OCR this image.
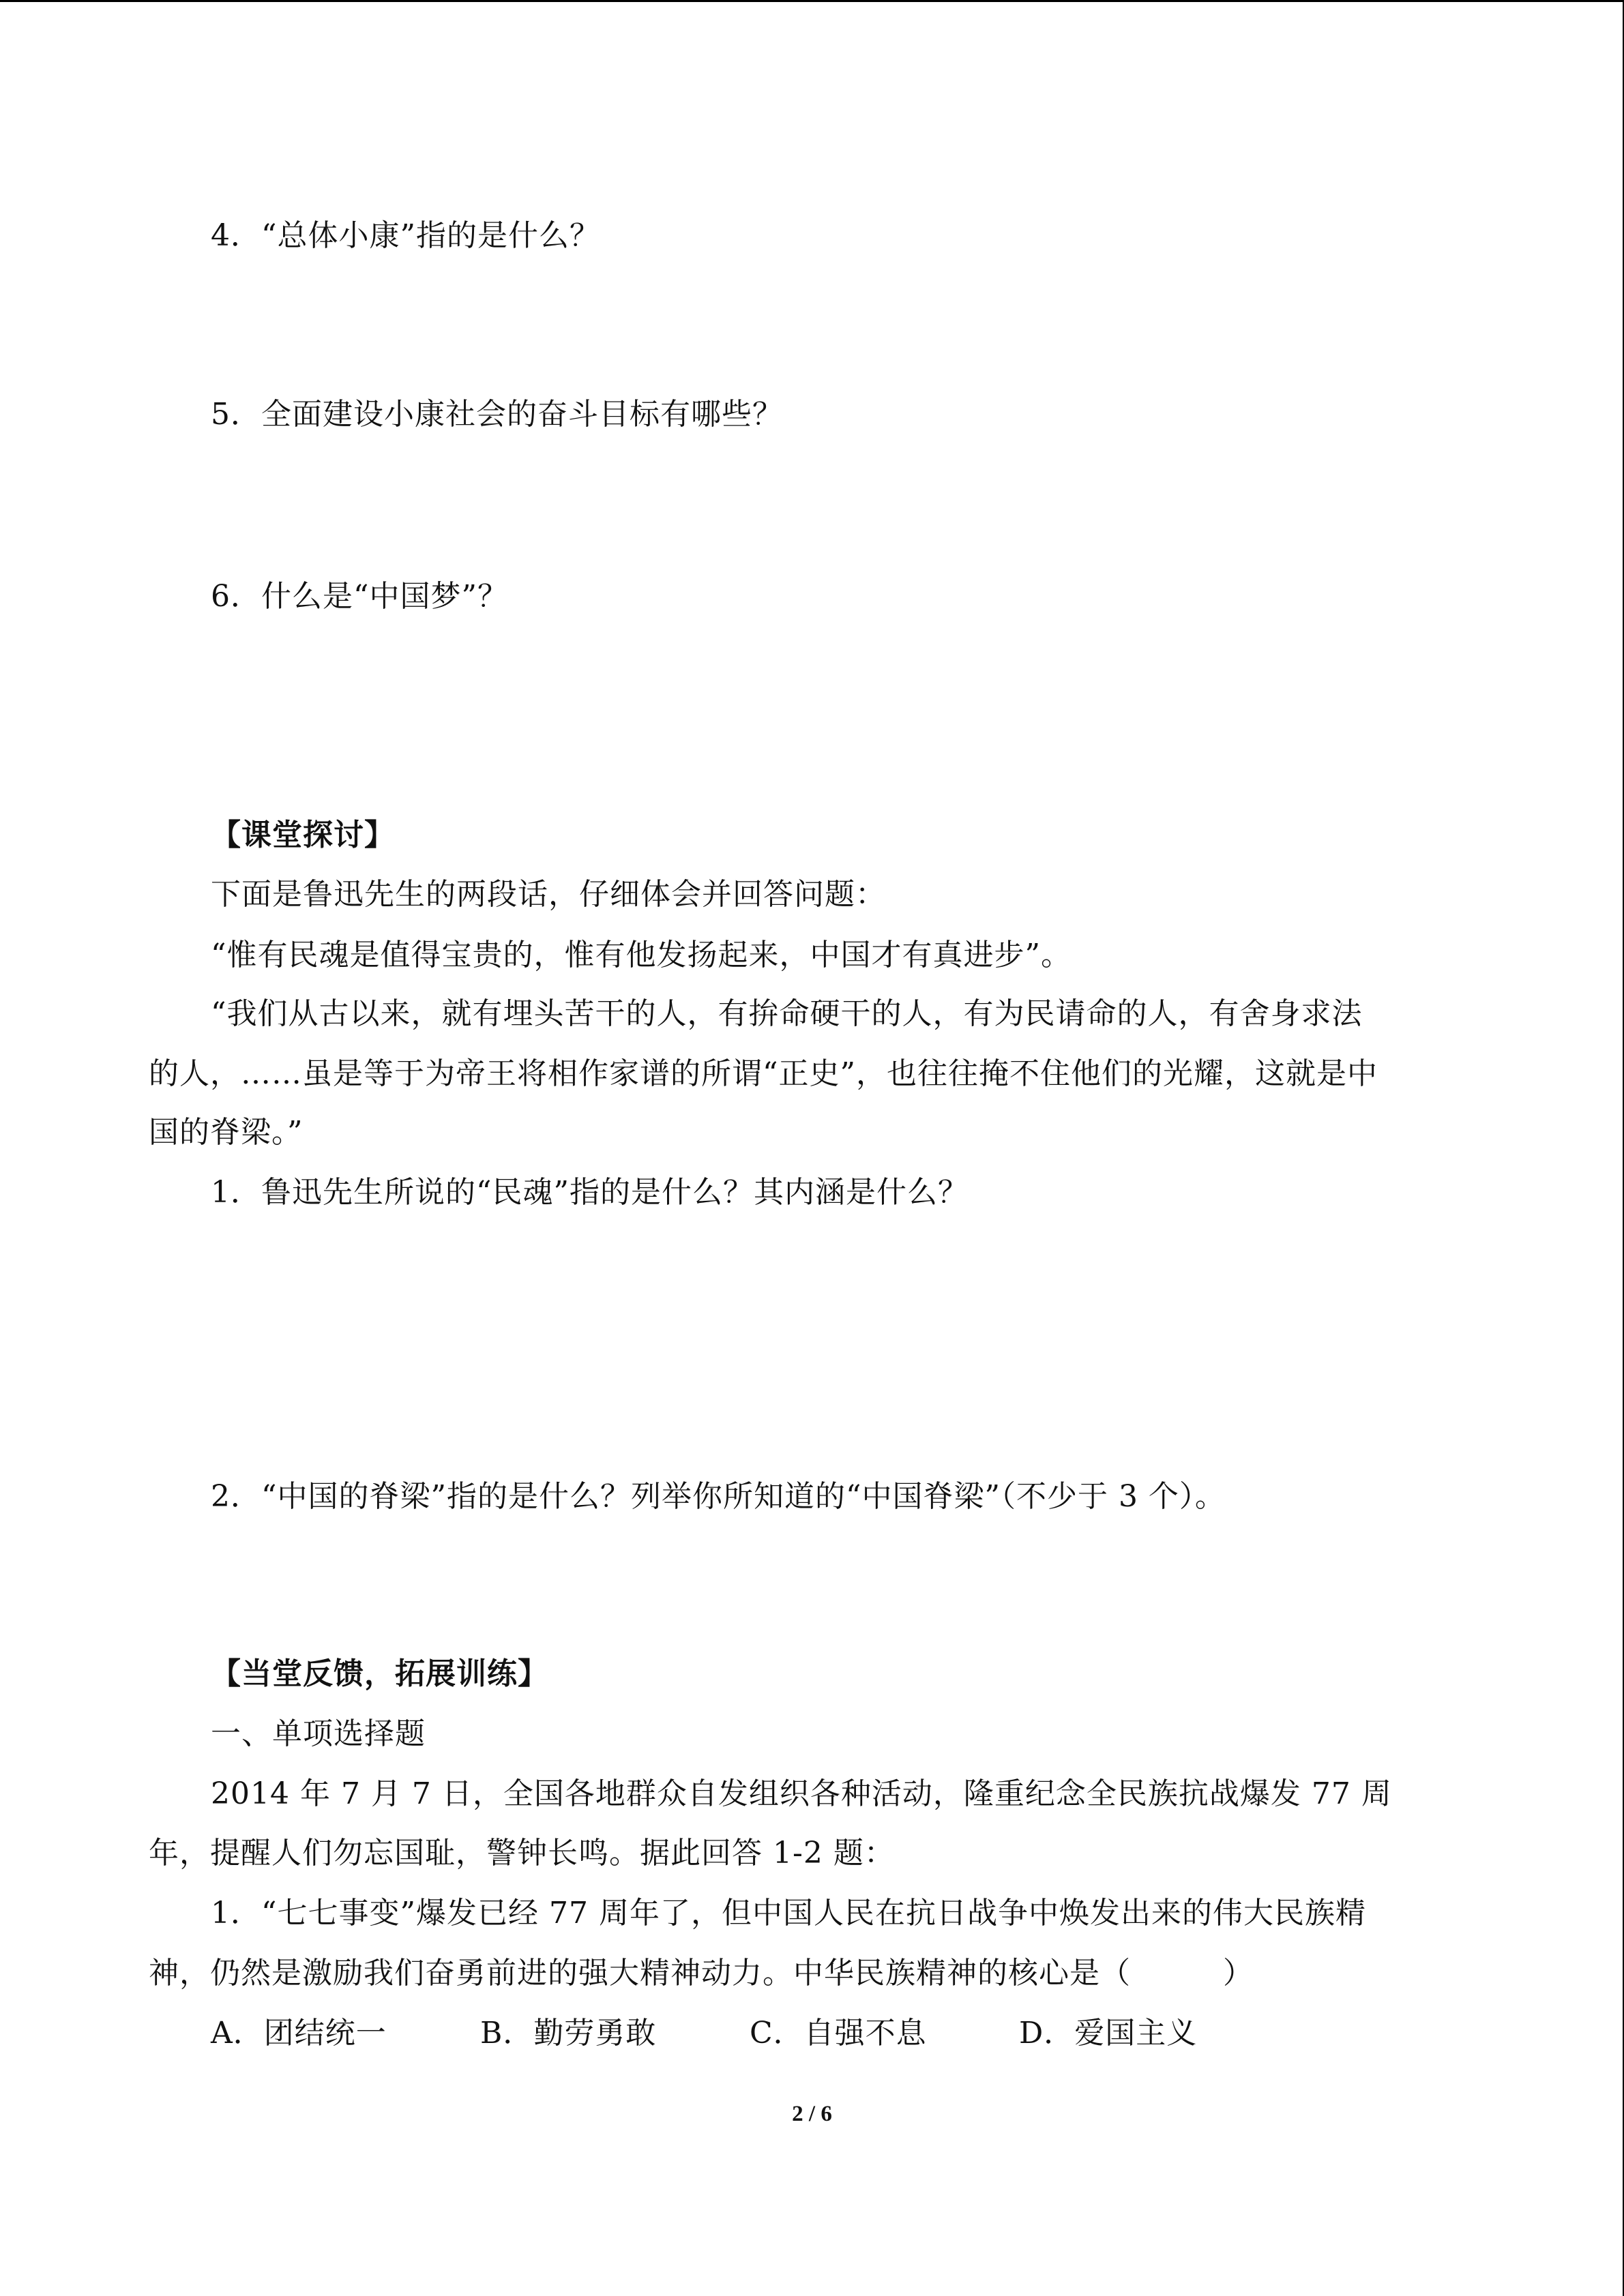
4．“总体小康”指的是什么？
5．全面建设小康社会的奋斗目标有哪些？
6．什么是“中国梦”？
【课堂探讨】
下面是鲁迅先生的两段话，仔细体会并回答问题：
“惟有民魂是值得宝贵的，惟有他发扬起来，中国才有真进步”。
“我们从古以来，就有埋头苦干的人，有拚命硬干的人，有为民请命的人，有舍身求法
的人，……虽是等于为帝王将相作家谱的所谓“正史”，也往往掩不住他们的光耀，这就是中
国的脊梁。”
1．鲁迅先生所说的“民魂”指的是什么？其内涵是什么？
2．“中国的脊梁”指的是什么？列举你所知道的“中国脊梁”（不少于 3 个）。
【当堂反馈，拓展训练】
一、单项选择题
2014 年 7 月 7 日，全国各地群众自发组织各种活动，隆重纪念全民族抗战爆发 77 周
年，提醒人们勿忘国耻，警钟长鸣。据此回答 1-2 题：
1．“七七事变”爆发已经 77 周年了，但中国人民在抗日战争中焕发出来的伟大民族精
神，仍然是激励我们奋勇前进的强大精神动力。中华民族精神的核心是（　　　）
A．团结统一	B．勤劳勇敢	C．自强不息	D．爱国主义
2 / 6
